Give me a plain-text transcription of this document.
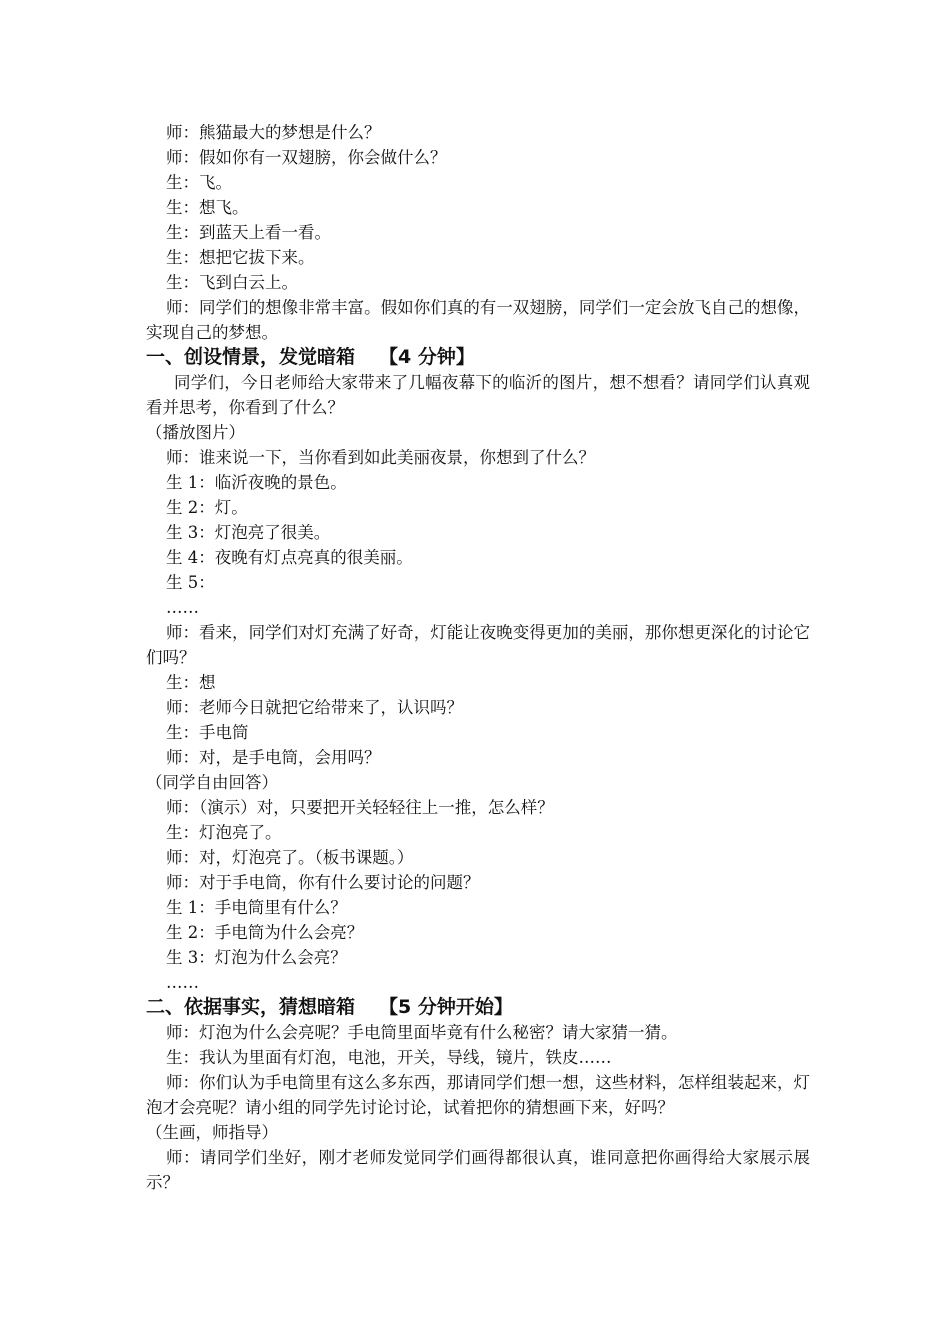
师：熊猫最大的梦想是什么？

师：假如你有一双翅膀，你会做什么？

生：飞。

生：想飞。

生：到蓝天上看一看。

生：想把它拔下来。

生：飞到白云上。

师：同学们的想像非常丰富。假如你们真的有一双翅膀，同学们一定会放飞自己的想像，实现自己的梦想。

一、创设情景，发觉暗箱 【4 分钟】

同学们，今日老师给大家带来了几幅夜幕下的临沂的图片，想不想看？请同学们认真观看并思考，你看到了什么？

（播放图片）

师：谁来说一下，当你看到如此美丽夜景，你想到了什么？

生 1：临沂夜晚的景色。

生 2：灯。

生 3：灯泡亮了很美。

生 4：夜晚有灯点亮真的很美丽。

生 5：

……

师：看来，同学们对灯充满了好奇，灯能让夜晚变得更加的美丽，那你想更深化的讨论它们吗？

生：想

师：老师今日就把它给带来了，认识吗？

生：手电筒

师：对，是手电筒，会用吗？

（同学自由回答）

师：（演示）对，只要把开关轻轻往上一推，怎么样？

生：灯泡亮了。

师：对，灯泡亮了。（板书课题。）

师：对于手电筒，你有什么要讨论的问题？

生 1：手电筒里有什么？

生 2：手电筒为什么会亮？

生 3：灯泡为什么会亮？

……

二、依据事实，猜想暗箱 【5 分钟开始】

师：灯泡为什么会亮呢？手电筒里面毕竟有什么秘密？请大家猜一猜。

生：我认为里面有灯泡，电池，开关，导线，镜片，铁皮……

师：你们认为手电筒里有这么多东西，那请同学们想一想，这些材料，怎样组装起来，灯泡才会亮呢？请小组的同学先讨论讨论，试着把你的猜想画下来，好吗？

（生画，师指导）

师：请同学们坐好，刚才老师发觉同学们画得都很认真，谁同意把你画得给大家展示展示？
